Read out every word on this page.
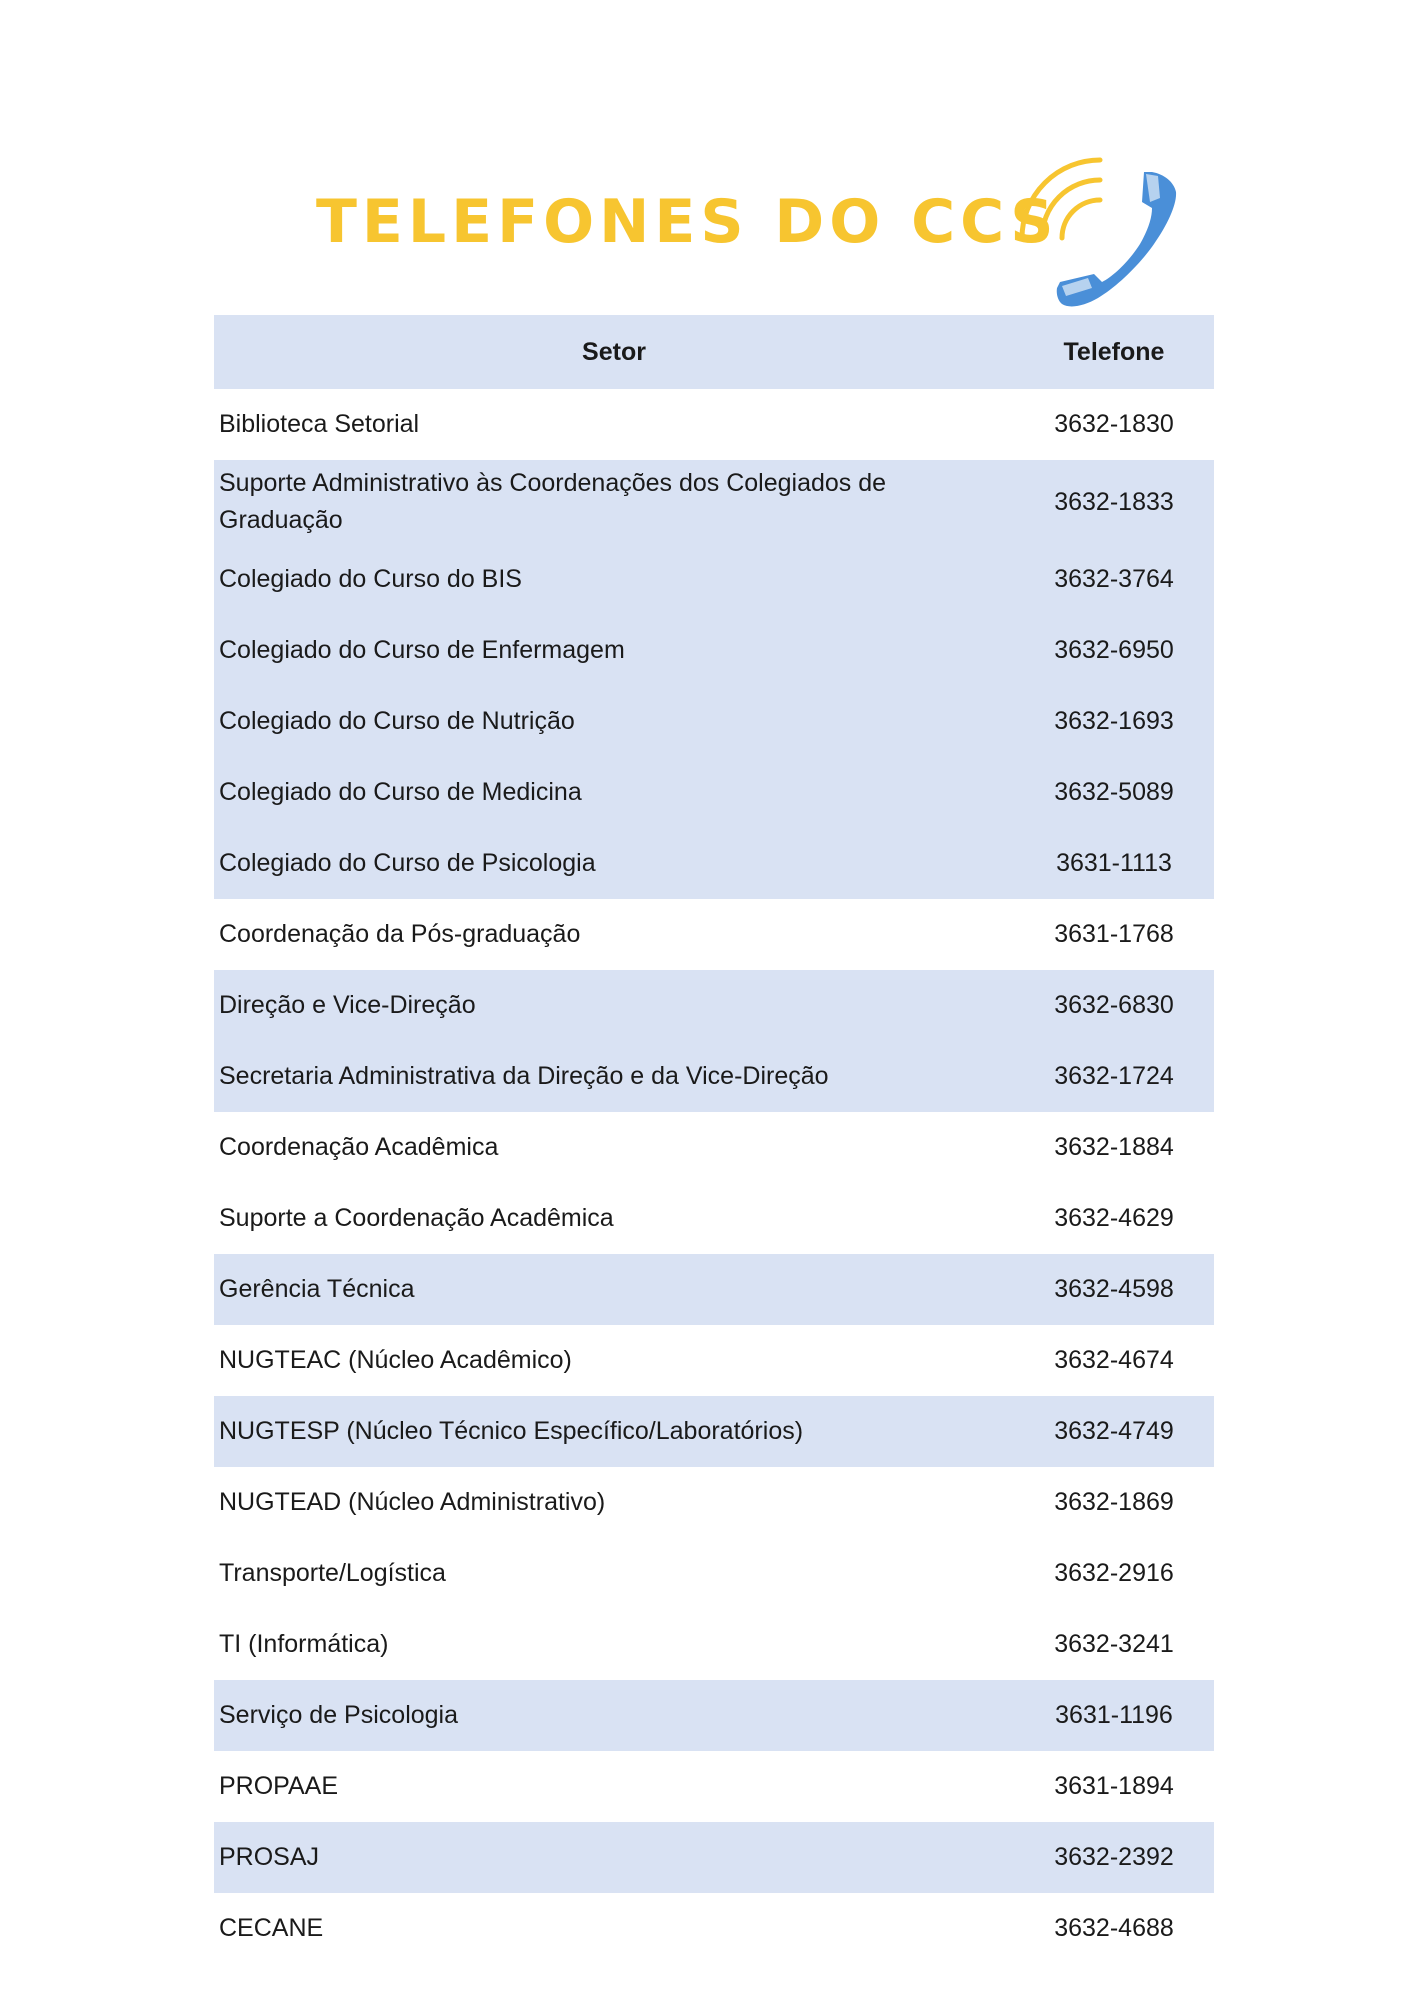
TELEFONES DO CCS
Setor	Telefone
Biblioteca Setorial	3632-1830
Suporte Administrativo às Coordenações dos Colegiados de Graduação	3632-1833
Colegiado do Curso do BIS	3632-3764
Colegiado do Curso de Enfermagem	3632-6950
Colegiado do Curso de Nutrição	3632-1693
Colegiado do Curso de Medicina	3632-5089
Colegiado do Curso de Psicologia	3631-1113
Coordenação da Pós-graduação	3631-1768
Direção e Vice-Direção	3632-6830
Secretaria Administrativa da Direção e da Vice-Direção	3632-1724
Coordenação Acadêmica	3632-1884
Suporte a Coordenação Acadêmica	3632-4629
Gerência Técnica	3632-4598
NUGTEAC (Núcleo Acadêmico)	3632-4674
NUGTESP (Núcleo Técnico Específico/Laboratórios)	3632-4749
NUGTEAD (Núcleo Administrativo)	3632-1869
Transporte/Logística	3632-2916
TI (Informática)	3632-3241
Serviço de Psicologia	3631-1196
PROPAAE	3631-1894
PROSAJ	3632-2392
CECANE	3632-4688
